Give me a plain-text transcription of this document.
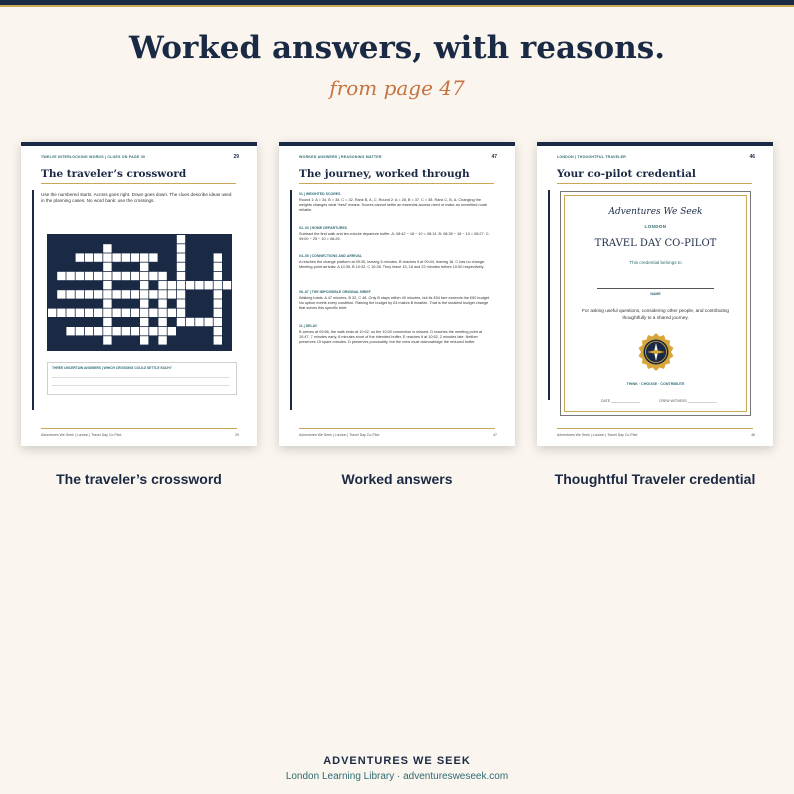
Worked answers, with reasons.
from page 47
TWELVE INTERLOCKING WORDS | CLUES ON PAGE 30	29
The traveler’s crossword
Use the numbered starts. Across goes right. Down goes down. The clues describe ideas used in the planning cases. No word bank: use the crossings.
THREE UNCERTAIN ANSWERS | WHICH CROSSING COULD SETTLE EACH?
Adventures We Seek | London | Travel Day Co-Pilot	29
WORKED ANSWERS | REASONING MATTER	47
The journey, worked through
01 | WEIGHTED SCORES
Round 1: A = 34, B = 35, C = 32. Rank B, A, C. Round 2: A = 28, B = 37, C = 38. Rank C, B, A. Changing the weights changes what “best” means. Scores cannot settle an essential access need or make an unverified route reliable.
02–03 | HOME DEPARTURES
Subtract the first walk and ten-minute departure buffer. A: 08:42 − 18 − 10 = 08:14. B: 08:35 − 18 − 10 = 08:27. C: 09:00 − 25 − 10 = 08:25.
04–05 | CONNECTIONS AND ARRIVAL
A reaches the change platform at 09:30, leaving 5 minutes. B reaches it at 09:44, leaving 16. C has no change. Meeting-point arrivals: A 10:35, B 10:32, C 10:28. They leave 15, 18 and 22 minutes before 10:50 respectively.
06–07 | THE IMPOSSIBLE ORIGINAL BRIEF
Walking totals: A 47 minutes, B 32, C 48. Only B stays within 40 minutes, but its £54 fare exceeds the £50 budget. No option meets every condition. Raising the budget by £4 makes B feasible. That is the smallest budget change that solves this specific brief.
11 | DELAY
B arrives at 09:56, the walk ends at 10:02, so the 10:00 connection is missed. D reaches the meeting point at 10:47, 7 minutes early, 8 minutes short of the intended buffer. E reaches it at 10:52, 2 minutes late. Neither preserves 15 spare minutes. D preserves punctuality, but the crew must acknowledge the reduced buffer.
Adventures We Seek | London | Travel Day Co-Pilot	47
LONDON | THOUGHTFUL TRAVELER	46
Your co-pilot credential
Adventures We Seek
LONDON
TRAVEL DAY CO-PILOT
This credential belongs to
NAME
For asking useful questions, considering other people, and contributing thoughtfully to a shared journey.
THINK · CHOOSE · CONTRIBUTE
DATE _______________	CREW WITNESS _______________
Adventures We Seek | London | Travel Day Co-Pilot	46
The traveler’s crossword	Worked answers	Thoughtful Traveler credential
ADVENTURES WE SEEK
London Learning Library · adventuresweseek.com
